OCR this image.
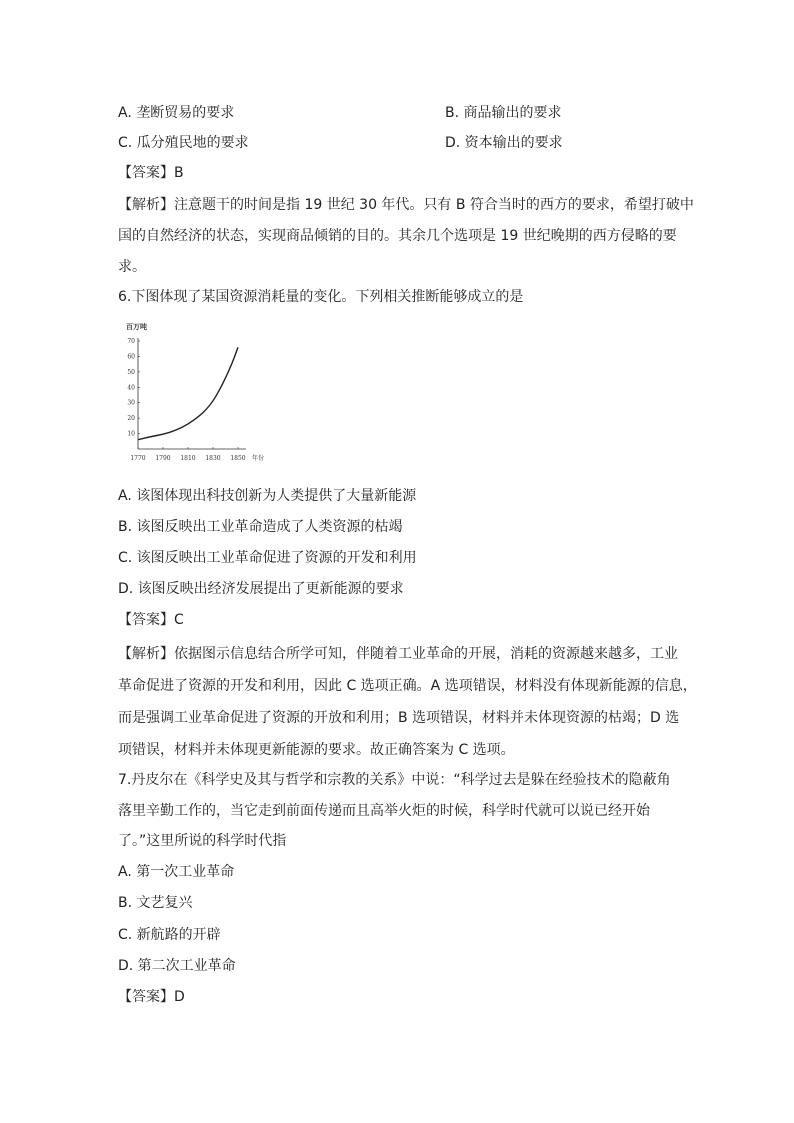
A. 垄断贸易的要求	B. 商品输出的要求
C. 瓜分殖民地的要求	D. 资本输出的要求
【答案】B
【解析】注意题干的时间是指 19 世纪 30 年代。只有 B 符合当时的西方的要求，希望打破中
国的自然经济的状态，实现商品倾销的目的。其余几个选项是 19 世纪晚期的西方侵略的要
求。
6.下图体现了某国资源消耗量的变化。下列相关推断能够成立的是
百万吨
10
20
30
40
50
60
70
1770 1790 1810 1830 1850 年份
A. 该图体现出科技创新为人类提供了大量新能源
B. 该图反映出工业革命造成了人类资源的枯竭
C. 该图反映出工业革命促进了资源的开发和利用
D. 该图反映出经济发展提出了更新能源的要求
【答案】C
【解析】依据图示信息结合所学可知，伴随着工业革命的开展，消耗的资源越来越多，工业
革命促进了资源的开发和利用，因此 C 选项正确。A 选项错误，材料没有体现新能源的信息，
而是强调工业革命促进了资源的开放和利用；B 选项错误，材料并未体现资源的枯竭；D 选
项错误，材料并未体现更新能源的要求。故正确答案为 C 选项。
7.丹皮尔在《科学史及其与哲学和宗教的关系》中说：“科学过去是躲在经验技术的隐蔽角
落里辛勤工作的，当它走到前面传递而且高举火炬的时候，科学时代就可以说已经开始
了。”这里所说的科学时代指
A. 第一次工业革命
B. 文艺复兴
C. 新航路的开辟
D. 第二次工业革命
【答案】D
